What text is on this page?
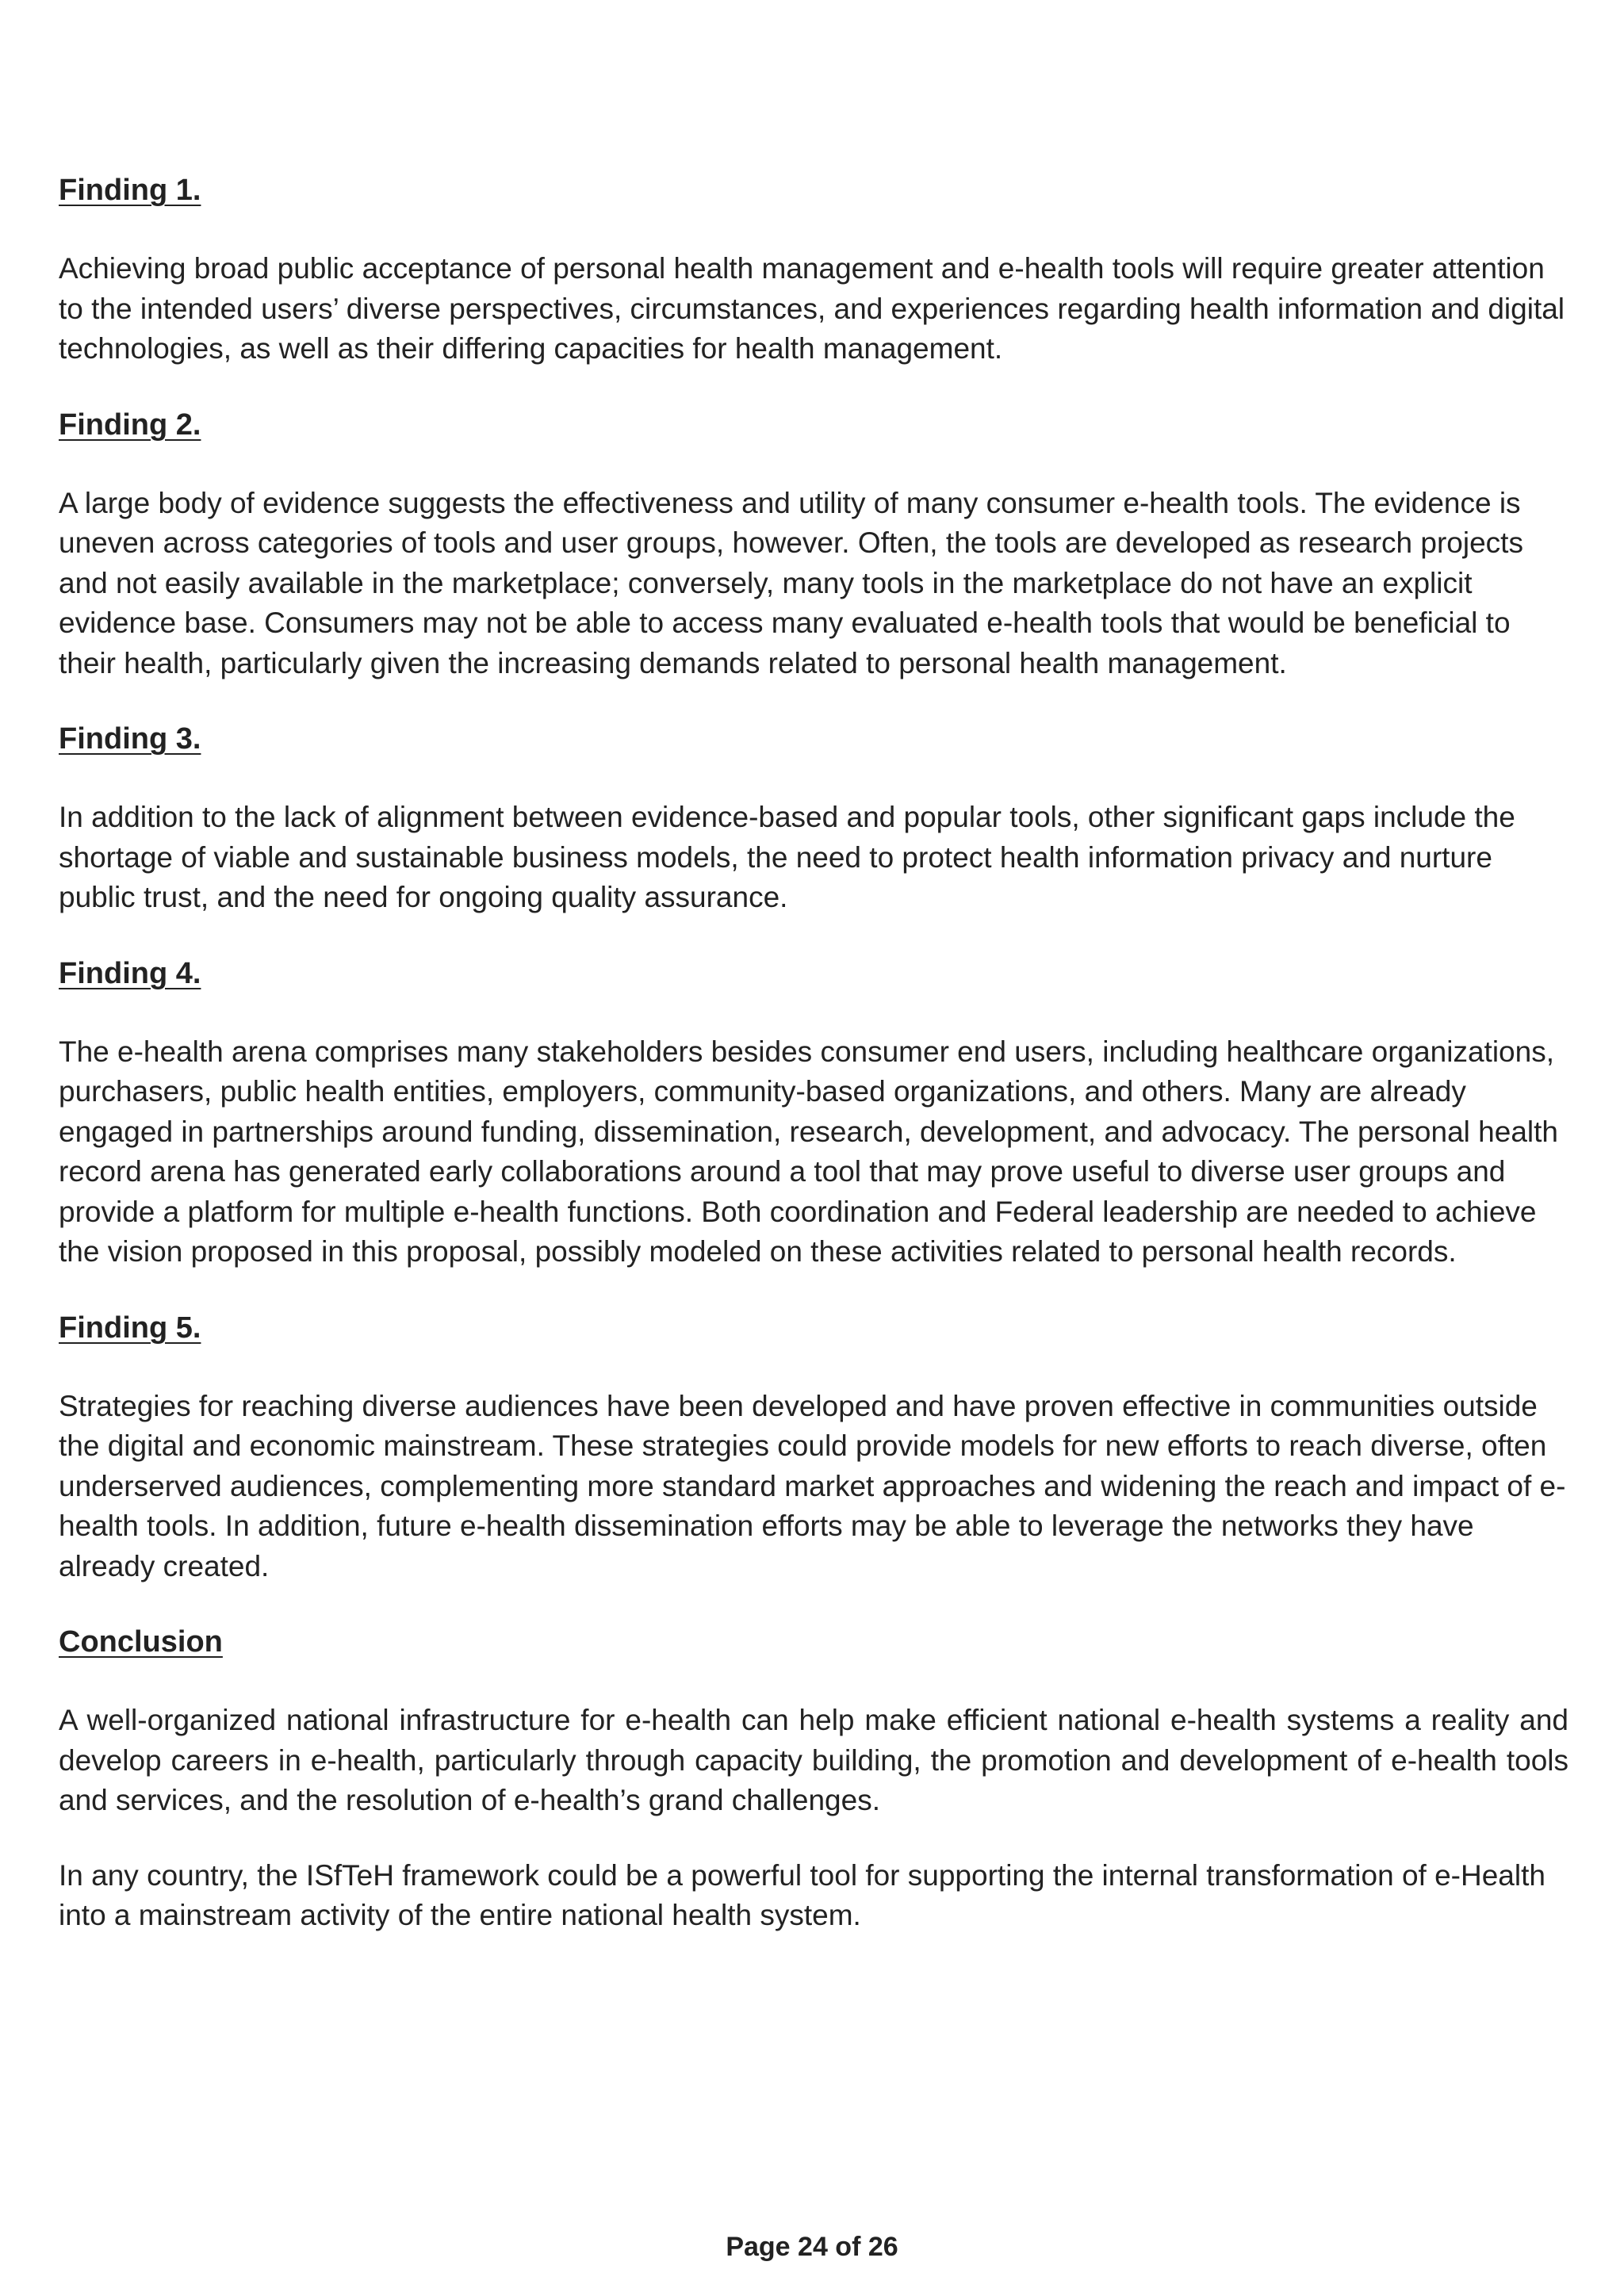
Finding 1.

Achieving broad public acceptance of personal health management and e-health tools will require greater attention to the intended users’ diverse perspectives, circumstances, and experiences regarding health information and digital technologies, as well as their differing capacities for health management.

Finding 2.

A large body of evidence suggests the effectiveness and utility of many consumer e-health tools. The evidence is uneven across categories of tools and user groups, however. Often, the tools are developed as research projects and not easily available in the marketplace; conversely, many tools in the marketplace do not have an explicit evidence base. Consumers may not be able to access many evaluated e-health tools that would be beneficial to their health, particularly given the increasing demands related to personal health management.

Finding 3.

In addition to the lack of alignment between evidence-based and popular tools, other significant gaps include the shortage of viable and sustainable business models, the need to protect health information privacy and nurture public trust, and the need for ongoing quality assurance.

Finding 4.

The e-health arena comprises many stakeholders besides consumer end users, including healthcare organizations, purchasers, public health entities, employers, community-based organizations, and others. Many are already engaged in partnerships around funding, dissemination, research, development, and advocacy. The personal health record arena has generated early collaborations around a tool that may prove useful to diverse user groups and provide a platform for multiple e-health functions. Both coordination and Federal leadership are needed to achieve the vision proposed in this proposal, possibly modeled on these activities related to personal health records.

Finding 5.

Strategies for reaching diverse audiences have been developed and have proven effective in communities outside the digital and economic mainstream. These strategies could provide models for new efforts to reach diverse, often underserved audiences, complementing more standard market approaches and widening the reach and impact of e-health tools. In addition, future e-health dissemination efforts may be able to leverage the networks they have already created.

Conclusion

A well-organized national infrastructure for e-health can help make efficient national e-health systems a reality and develop careers in e-health, particularly through capacity building, the promotion and development of e-health tools and services, and the resolution of e-health’s grand challenges.

In any country, the ISfTeH framework could be a powerful tool for supporting the internal transformation of e-Health into a mainstream activity of the entire national health system.

Page 24 of 26
